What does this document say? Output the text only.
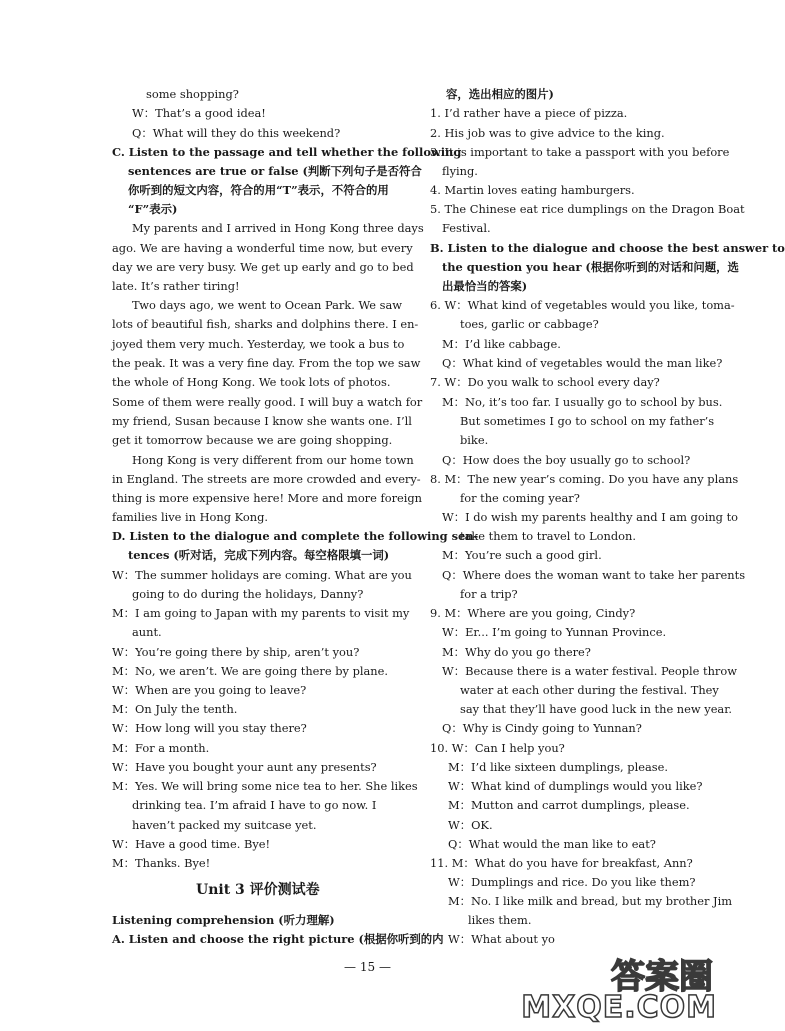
some shopping?
W：That’s a good idea!
Q：What will they do this weekend?
C. Listen to the passage and tell whether the following
sentences are true or false (判断下列句子是否符合
你听到的短文内容，符合的用“T”表示，不符合的用
“F”表示)
My parents and I arrived in Hong Kong three days
ago. We are having a wonderful time now, but every
day we are very busy. We get up early and go to bed
late. It’s rather tiring!
Two days ago, we went to Ocean Park. We saw
lots of beautiful fish, sharks and dolphins there. I en-
joyed them very much. Yesterday, we took a bus to
the peak. It was a very fine day. From the top we saw
the whole of Hong Kong. We took lots of photos.
Some of them were really good. I will buy a watch for
my friend, Susan because I know she wants one. I’ll
get it tomorrow because we are going shopping.
Hong Kong is very different from our home town
in England. The streets are more crowded and every-
thing is more expensive here! More and more foreign
families live in Hong Kong.
D. Listen to the dialogue and complete the following sen-
tences (听对话，完成下列内容。每空格限填一词)
W：The summer holidays are coming. What are you
going to do during the holidays, Danny?
M：I am going to Japan with my parents to visit my
aunt.
W：You’re going there by ship, aren’t you?
M：No, we aren’t. We are going there by plane.
W：When are you going to leave?
M：On July the tenth.
W：How long will you stay there?
M：For a month.
W：Have you bought your aunt any presents?
M：Yes. We will bring some nice tea to her. She likes
drinking tea. I’m afraid I have to go now. I
haven’t packed my suitcase yet.
W：Have a good time. Bye!
M：Thanks. Bye!
Listening comprehension (听力理解)
A. Listen and choose the right picture (根据你听到的内
Unit 3 评价测试卷
容，选出相应的图片)
1. I’d rather have a piece of pizza.
2. His job was to give advice to the king.
3. It is important to take a passport with you before
flying.
4. Martin loves eating hamburgers.
5. The Chinese eat rice dumplings on the Dragon Boat
Festival.
B. Listen to the dialogue and choose the best answer to
the question you hear (根据你听到的对话和问题，选
出最恰当的答案)
6. W：What kind of vegetables would you like, toma-
toes, garlic or cabbage?
M：I’d like cabbage.
Q：What kind of vegetables would the man like?
7. W：Do you walk to school every day?
M：No, it’s too far. I usually go to school by bus.
But sometimes I go to school on my father’s
bike.
Q：How does the boy usually go to school?
8. M：The new year’s coming. Do you have any plans
for the coming year?
W：I do wish my parents healthy and I am going to
take them to travel to London.
M：You’re such a good girl.
Q：Where does the woman want to take her parents
for a trip?
9. M：Where are you going, Cindy?
W：Er... I’m going to Yunnan Province.
M：Why do you go there?
W：Because there is a water festival. People throw
water at each other during the festival. They
say that they’ll have good luck in the new year.
Q：Why is Cindy going to Yunnan?
10. W：Can I help you?
M：I’d like sixteen dumplings, please.
W：What kind of dumplings would you like?
M：Mutton and carrot dumplings, please.
W：OK.
Q：What would the man like to eat?
11. M：What do you have for breakfast, Ann?
W：Dumplings and rice. Do you like them?
M：No. I like milk and bread, but my brother Jim
likes them.
W：What about yo
— 15 —	答案圈
MXQE.COM
